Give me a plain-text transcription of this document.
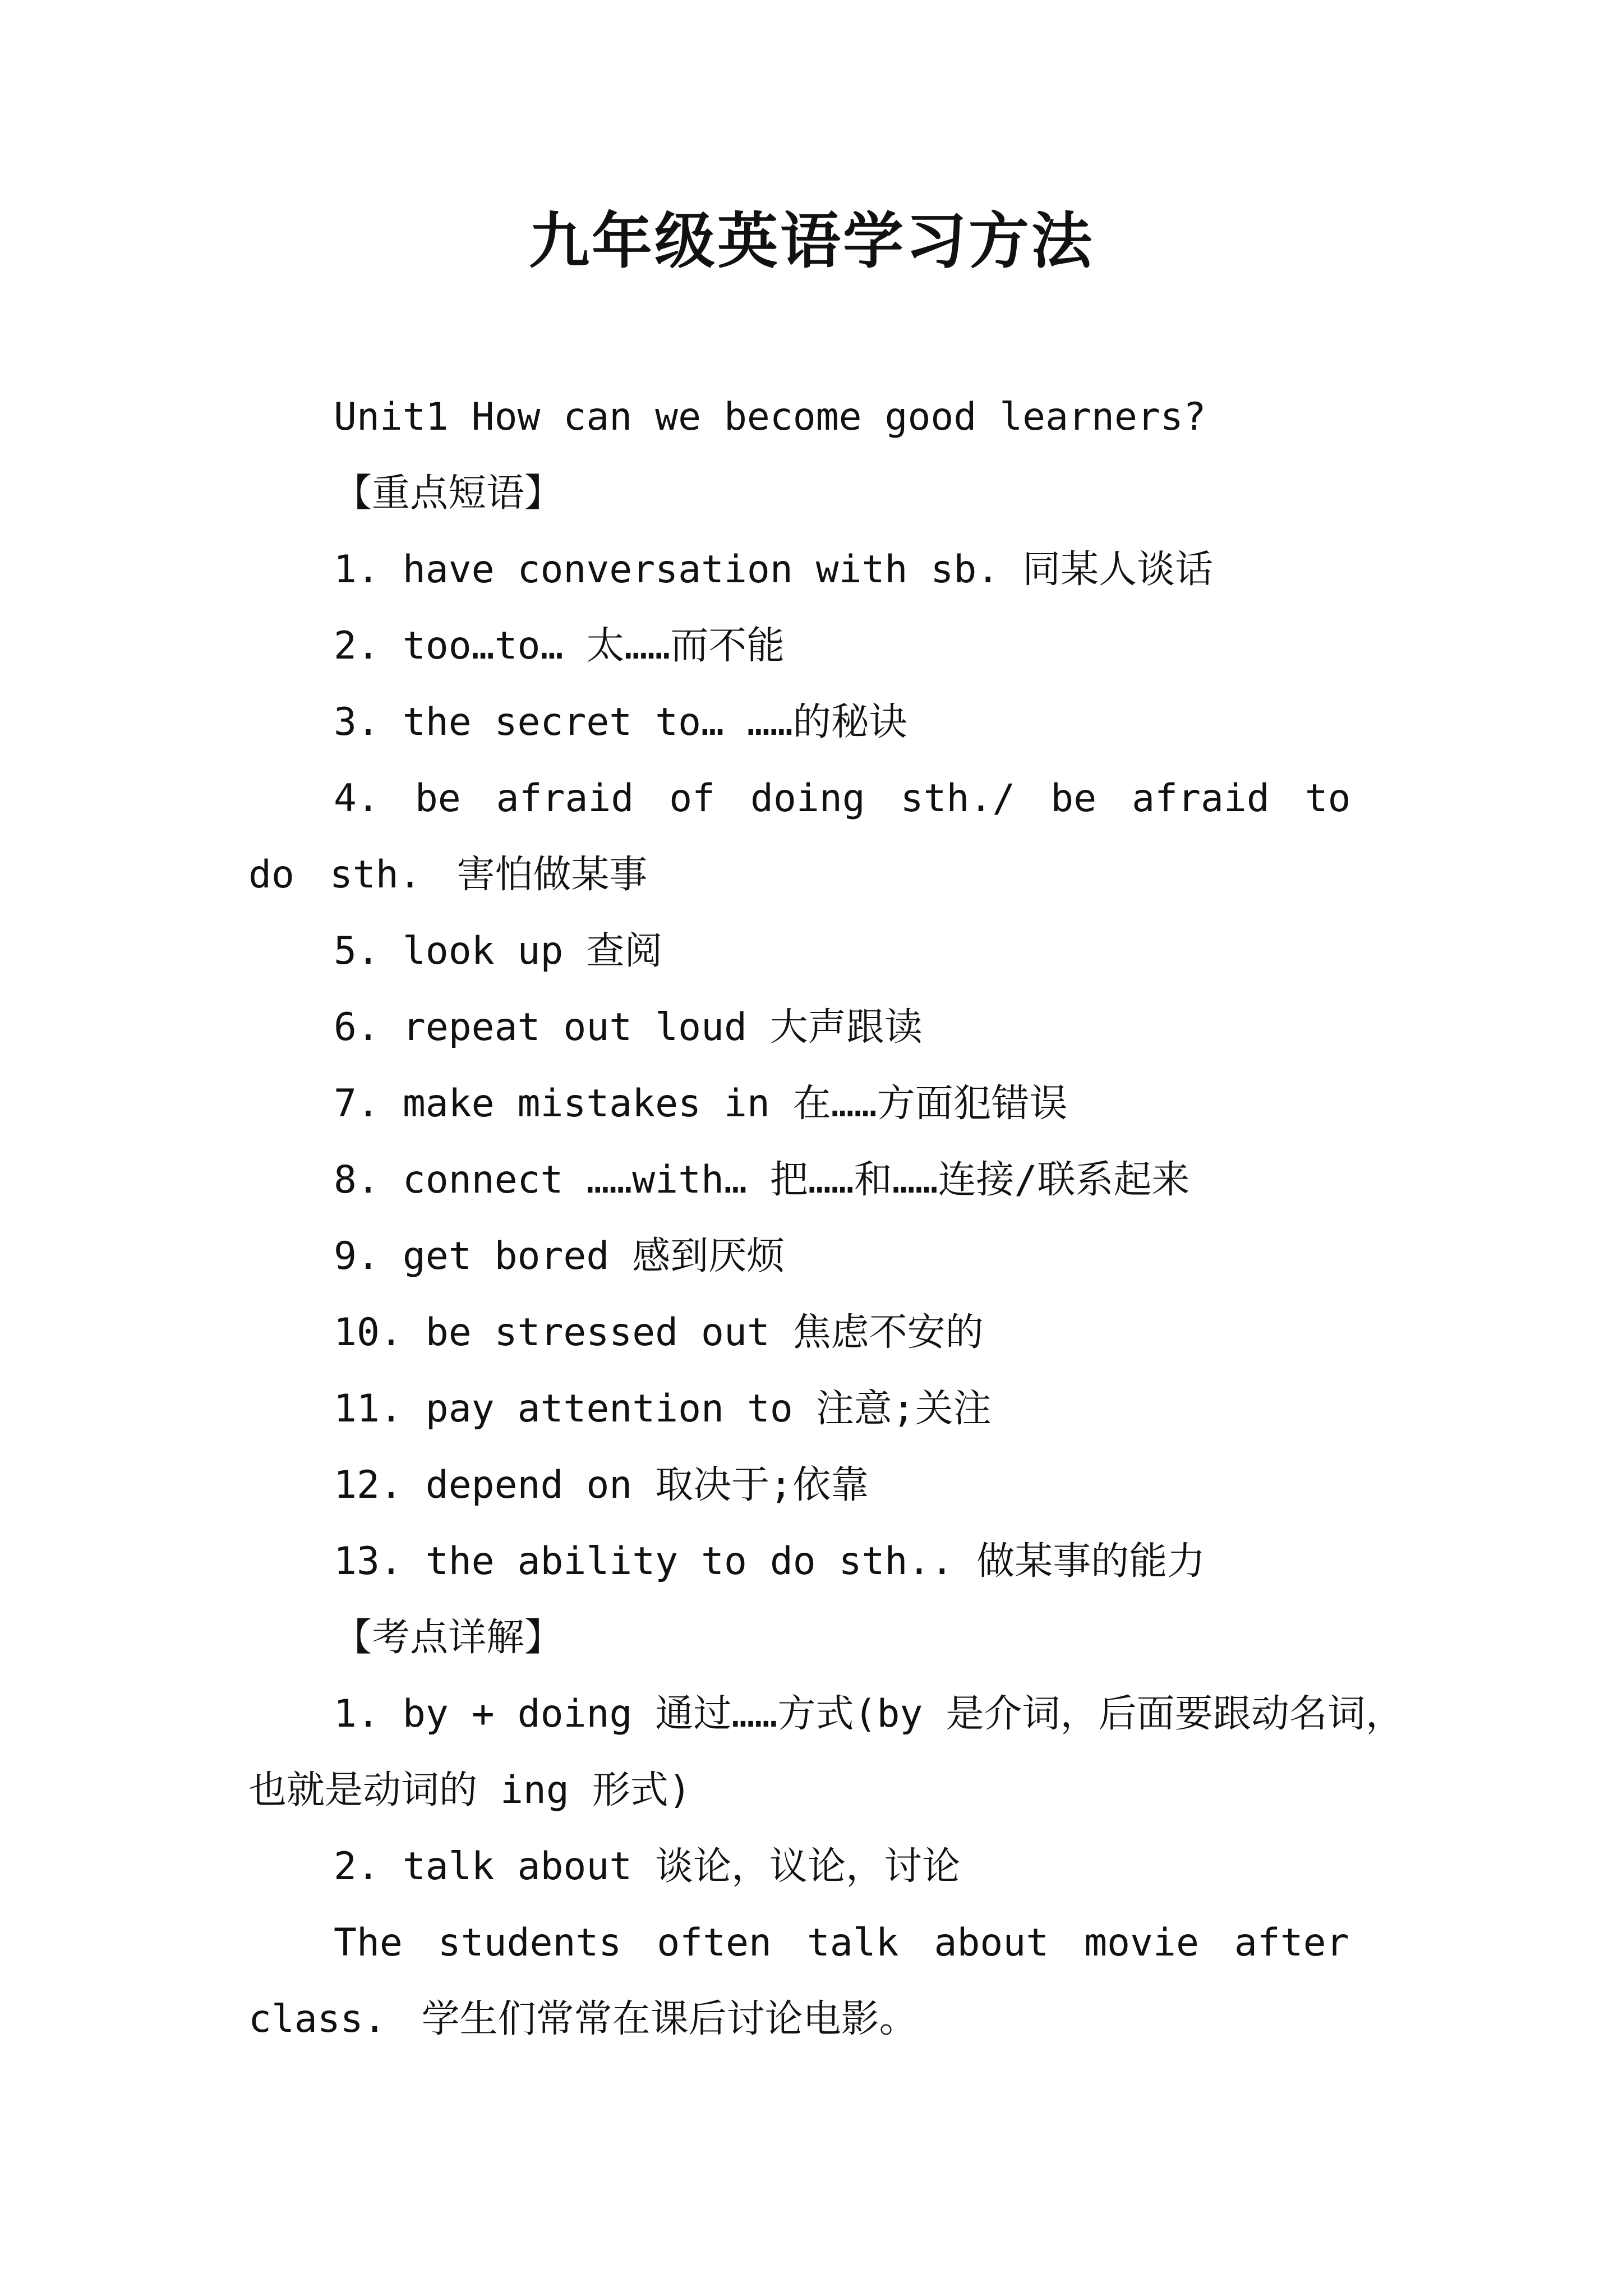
九年级英语学习方法
Unit1 How can we become good learners?
【重点短语】
1. have conversation with sb. 同某人谈话
2. too…to… 太……而不能
3. the secret to… ……的秘诀
4. be afraid of doing sth./ be afraid to do sth. 害怕做某事
5. look up 查阅
6. repeat out loud 大声跟读
7. make mistakes in 在……方面犯错误
8. connect ……with… 把……和……连接/联系起来
9. get bored 感到厌烦
10. be stressed out 焦虑不安的
11. pay attention to 注意;关注
12. depend on 取决于;依靠
13. the ability to do sth.. 做某事的能力
【考点详解】
1. by + doing 通过……方式(by 是介词，后面要跟动名词，也就是动词的 ing 形式)
2. talk about 谈论，议论，讨论
The students often talk about movie after class. 学生们常常在课后讨论电影。
